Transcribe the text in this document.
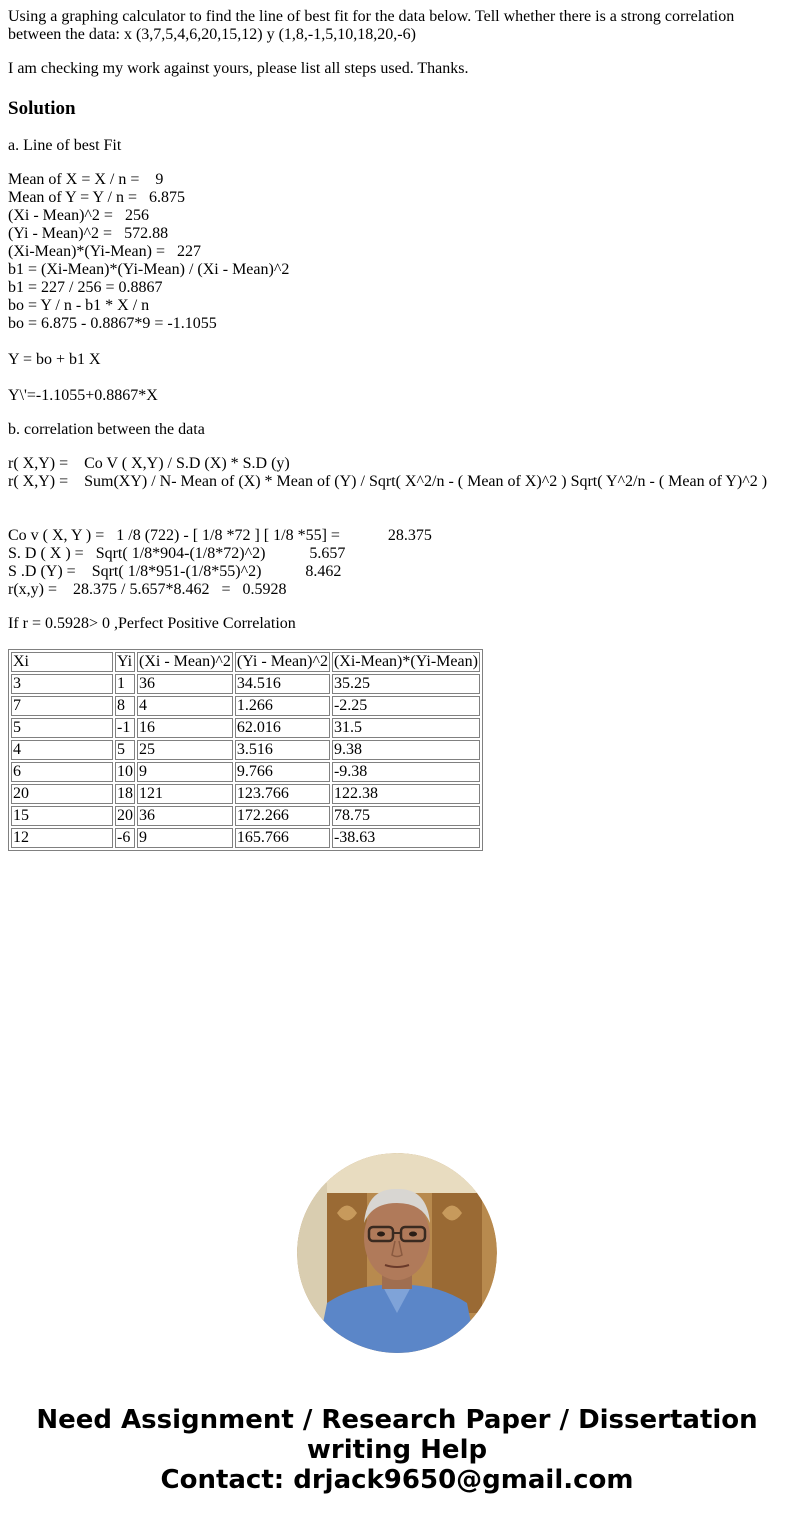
Using a graphing calculator to find the line of best fit for the data below. Tell whether there is a strong correlation
between the data: x (3,7,5,4,6,20,15,12) y (1,8,-1,5,10,18,20,-6)

I am checking my work against yours, please list all steps used. Thanks.

Solution

a. Line of best Fit

Mean of X = X / n =    9
Mean of Y = Y / n =   6.875
(Xi - Mean)^2 =   256
(Yi - Mean)^2 =   572.88
(Xi-Mean)*(Yi-Mean) =   227
b1 = (Xi-Mean)*(Yi-Mean) / (Xi - Mean)^2
b1 = 227 / 256 = 0.8867
bo = Y / n - b1 * X / n
bo = 6.875 - 0.8867*9 = -1.1055
Y = bo + b1 X
Y\'=-1.1055+0.8867*X

b. correlation between the data

r( X,Y) =    Co V ( X,Y) / S.D (X) * S.D (y)
r( X,Y) =    Sum(XY) / N- Mean of (X) * Mean of (Y) / Sqrt( X^2/n - ( Mean of X)^2 ) Sqrt( Y^2/n - ( Mean of Y)^2 )
Co v ( X, Y ) =   1 /8 (722) - [ 1/8 *72 ] [ 1/8 *55] =            28.375
S. D ( X ) =   Sqrt( 1/8*904-(1/8*72)^2)           5.657
S .D (Y) =    Sqrt( 1/8*951-(1/8*55)^2)           8.462
r(x,y) =    28.375 / 5.657*8.462   =   0.5928

If r = 0.5928> 0 ,Perfect Positive Correlation

Xi	Yi	(Xi - Mean)^2	(Yi - Mean)^2	(Xi-Mean)*(Yi-Mean)
3	1	36	34.516	35.25
7	8	4	1.266	-2.25
5	-1	16	62.016	31.5
4	5	25	3.516	9.38
6	10	9	9.766	-9.38
20	18	121	123.766	122.38
15	20	36	172.266	78.75
12	-6	9	165.766	-38.63
Need Assignment / Research Paper / Dissertation
writing Help
Contact: drjack9650@gmail.com
